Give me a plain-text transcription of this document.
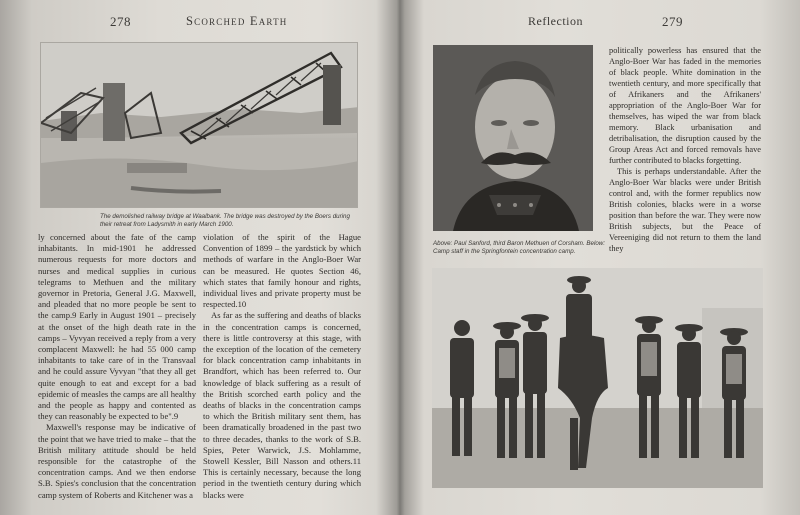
278	Scorched Earth
The demolished railway bridge at Waalbank. The bridge was destroyed by the Boers during their retreat from Ladysmith in early March 1900.

ly concerned about the fate of the camp inhabitants. In mid-1901 he addressed numerous requests for more doctors and nurses and medical supplies in curious telegrams to Methuen and the military governor in Pretoria, General J.G. Maxwell, and pleaded that no more people be sent to the camp.9 Early in August 1901 – precisely at the onset of the high death rate in the camps – Vyvyan received a reply from a very complacent Maxwell: he had 55 000 camp inhabitants to take care of in the Transvaal and he could assure Vyvyan "that they all get quite enough to eat and except for a bad epidemic of measles the camps are all healthy and the people as happy and contented as they can reasonably be expected to be".9

Maxwell's response may be indicative of the point that we have tried to make – that the British military attitude should be held responsible for the catastrophe of the concentration camps. And we then endorse S.B. Spies's conclusion that the concentration camp system of Roberts and Kitchener was a

violation of the spirit of the Hague Convention of 1899 – the yardstick by which methods of warfare in the Anglo-Boer War can be measured. He quotes Section 46, which states that family honour and rights, individual lives and private property must be respected.10

As far as the suffering and deaths of blacks in the concentration camps is concerned, there is little controversy at this stage, with the exception of the location of the cemetery for black concentration camp inhabitants in Brandfort, which has been referred to. Our knowledge of black suffering as a result of the British scorched earth policy and the deaths of blacks in the concentration camps to which the British military sent them, has been dramatically broadened in the past two to three decades, thanks to the work of S.B. Spies, Peter Warwick, J.S. Mohlamme, Stowell Kessler, Bill Nasson and others.11 This is certainly necessary, because the long period in the twentieth century during which blacks were

Reflection	279

politically powerless has ensured that the Anglo-Boer War has faded in the memories of black people. White domination in the twentieth century, and more specifically that of Afrikaners and the Afrikaners' appropriation of the Anglo-Boer War for themselves, has wiped the war from black memory. Black urbanisation and detribalisation, the disruption caused by the Group Areas Act and forced removals have further contributed to blacks forgetting.

This is perhaps understandable. After the Anglo-Boer War blacks were under British control and, with the former republics now British colonies, blacks were in a worse position than before the war. They were now British subjects, but the Peace of Vereeniging did not return to them the land they

Above: Paul Sanford, third Baron Methuen of Corsham. Below: Camp staff in the Springfontein concentration camp.
